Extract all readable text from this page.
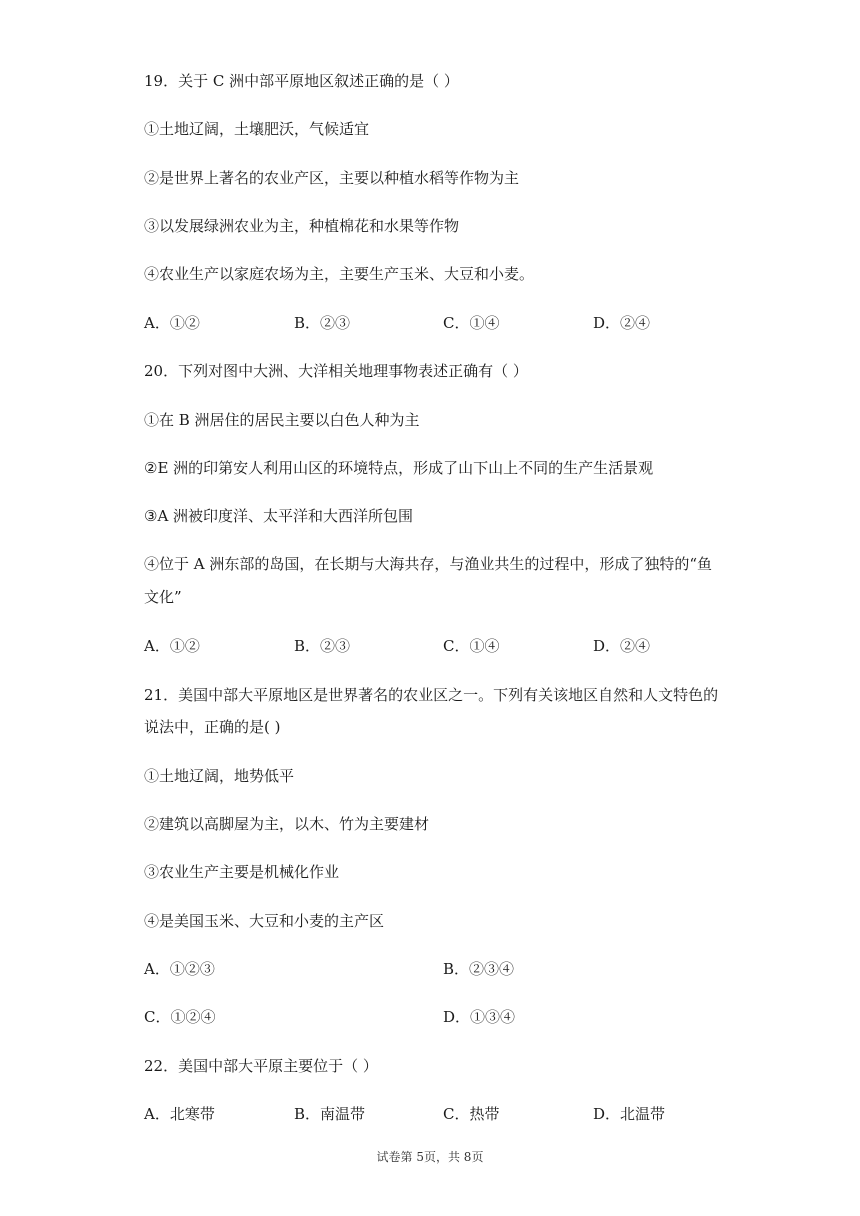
19．关于 C 洲中部平原地区叙述正确的是（ ）
①土地辽阔，土壤肥沃，气候适宜
②是世界上著名的农业产区，主要以种植水稻等作物为主
③以发展绿洲农业为主，种植棉花和水果等作物
④农业生产以家庭农场为主，主要生产玉米、大豆和小麦。
A．①②	B．②③	C．①④	D．②④
20．下列对图中大洲、大洋相关地理事物表述正确有（ ）
①在 B 洲居住的居民主要以白色人种为主
②E 洲的印第安人利用山区的环境特点，形成了山下山上不同的生产生活景观
③A 洲被印度洋、太平洋和大西洋所包围
④位于 A 洲东部的岛国，在长期与大海共存，与渔业共生的过程中，形成了独特的“鱼
文化”
A．①②	B．②③	C．①④	D．②④
21．美国中部大平原地区是世界著名的农业区之一。下列有关该地区自然和人文特色的
说法中，正确的是( )
①土地辽阔，地势低平
②建筑以高脚屋为主，以木、竹为主要建材
③农业生产主要是机械化作业
④是美国玉米、大豆和小麦的主产区
A．①②③	B．②③④
C．①②④	D．①③④
22．美国中部大平原主要位于（ ）
A．北寒带	B．南温带	C．热带	D．北温带
试卷第 5页，共 8页
